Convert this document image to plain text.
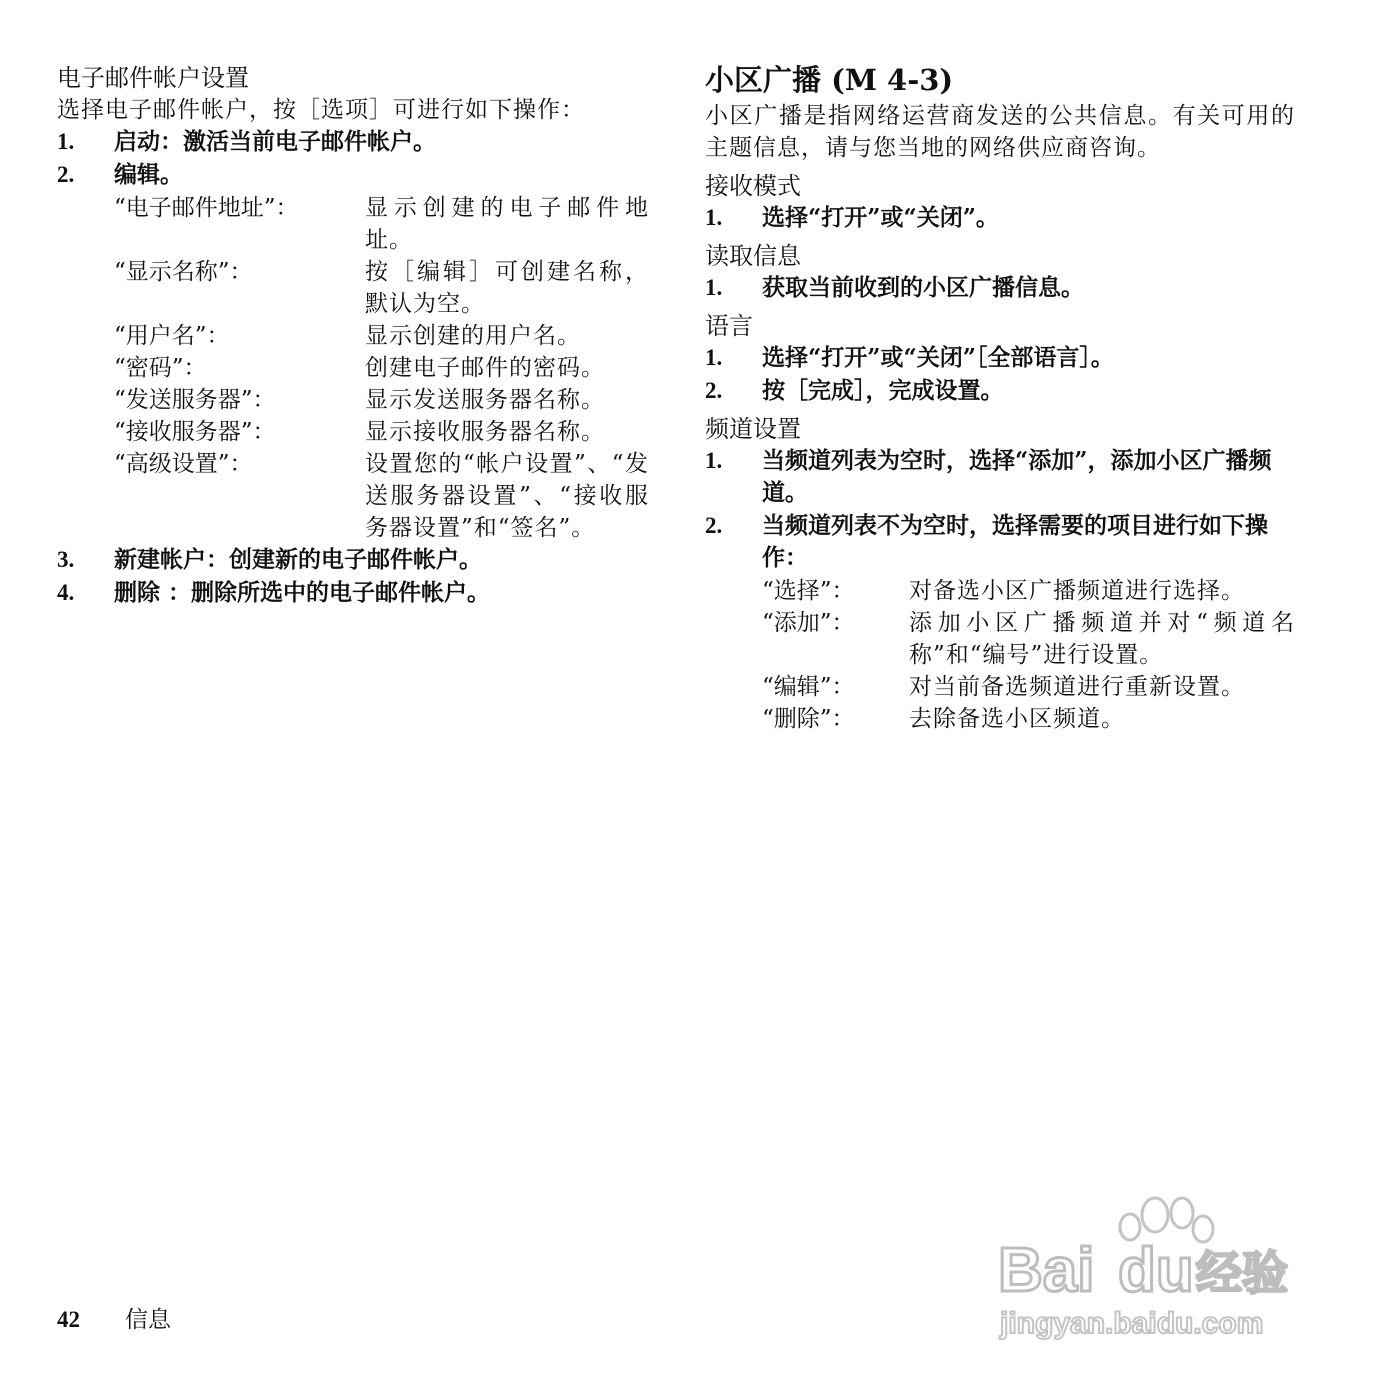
电子邮件帐户设置

选择电子邮件帐户，按［选项］可进行如下操作：

1.	启动：激活当前电子邮件帐户。
2.	编辑。
“电子邮件地址”：	显示创建的电子邮件地址。
“显示名称”：	按［编辑］可创建名称，默认为空。
“用户名”：	显示创建的用户名。
“密码”：	创建电子邮件的密码。
“发送服务器”：	显示发送服务器名称。
“接收服务器”：	显示接收服务器名称。
“高级设置”：	设置您的“帐户设置”、“发送服务器设置”、“接收服务器设置”和“签名”。
3.	新建帐户：创建新的电子邮件帐户。
4.	删除 ：删除所选中的电子邮件帐户。
小区广播 (M 4-3)

小区广播是指网络运营商发送的公共信息。有关可用的主题信息，请与您当地的网络供应商咨询。

接收模式
1.	选择“打开”或“关闭”。
读取信息
1.	获取当前收到的小区广播信息。
语言
1.	选择“打开”或“关闭”［全部语言］。
2.	按［完成］，完成设置。
频道设置
1.	当频道列表为空时，选择“添加”，添加小区广播频道。
2.	当频道列表不为空时，选择需要的项目进行如下操作：
“选择”：	对备选小区广播频道进行选择。
“添加”：	添加小区广播频道并对“频道名称”和“编号”进行设置。
“编辑”：	对当前备选频道进行重新设置。
“删除”：	去除备选小区频道。
42	信息
Bai du 经验
jingyan.baidu.com
